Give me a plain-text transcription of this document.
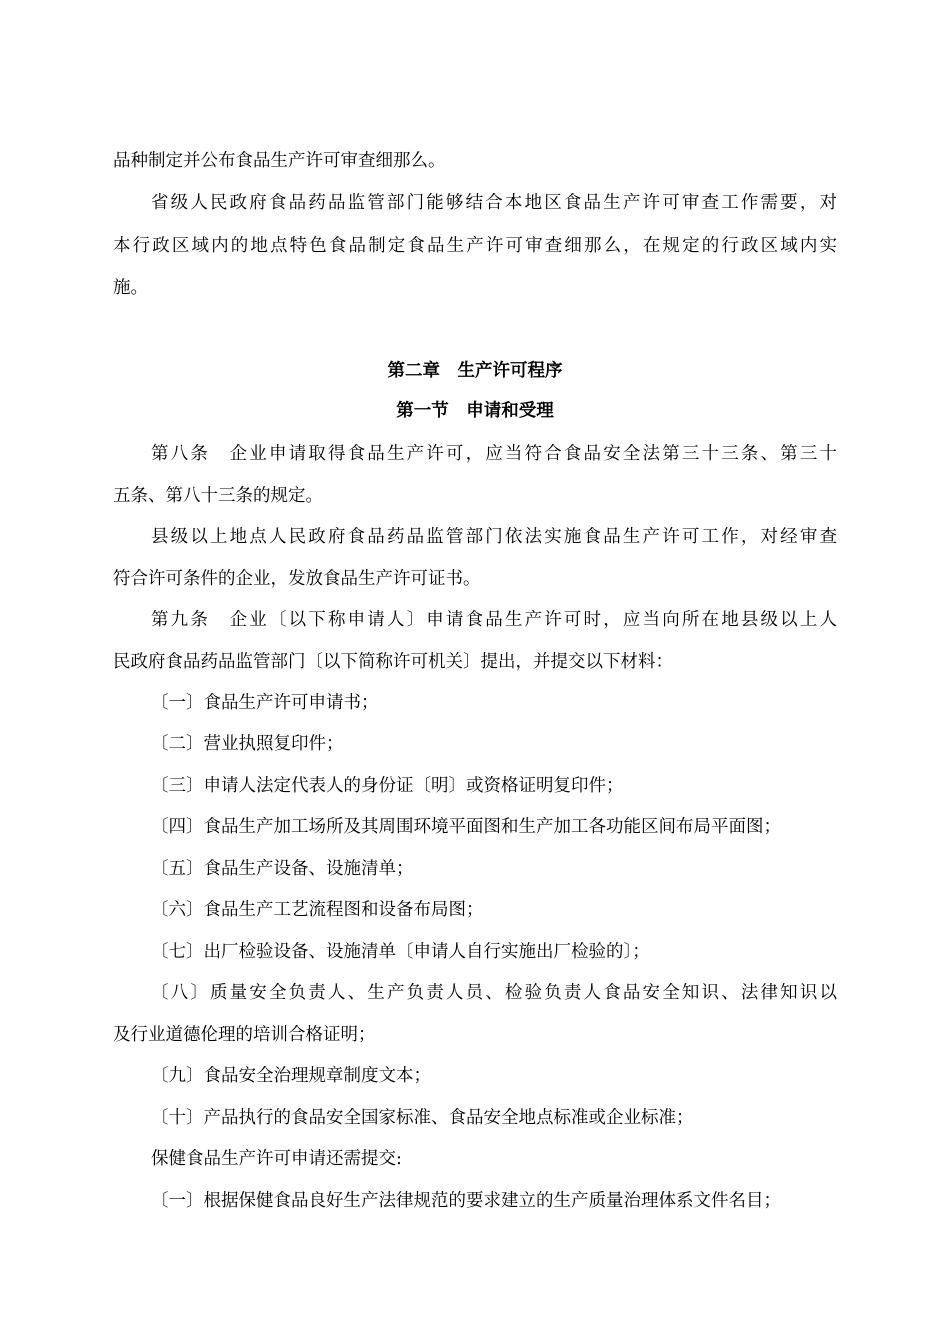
品种制定并公布食品生产许可审查细那么。
省级人民政府食品药品监管部门能够结合本地区食品生产许可审查工作需要，对
本行政区域内的地点特色食品制定食品生产许可审查细那么，在规定的行政区域内实
施。
第二章　生产许可程序
第一节　申请和受理
第八条　企业申请取得食品生产许可，应当符合食品安全法第三十三条、第三十
五条、第八十三条的规定。
县级以上地点人民政府食品药品监管部门依法实施食品生产许可工作，对经审查
符合许可条件的企业，发放食品生产许可证书。
第九条　企业〔以下称申请人〕申请食品生产许可时，应当向所在地县级以上人
民政府食品药品监管部门〔以下简称许可机关〕提出，并提交以下材料：
〔一〕食品生产许可申请书；
〔二〕营业执照复印件；
〔三〕申请人法定代表人的身份证〔明〕或资格证明复印件；
〔四〕食品生产加工场所及其周围环境平面图和生产加工各功能区间布局平面图；
〔五〕食品生产设备、设施清单；
〔六〕食品生产工艺流程图和设备布局图；
〔七〕出厂检验设备、设施清单〔申请人自行实施出厂检验的〕；
〔八〕质量安全负责人、生产负责人员、检验负责人食品安全知识、法律知识以
及行业道德伦理的培训合格证明；
〔九〕食品安全治理规章制度文本；
〔十〕产品执行的食品安全国家标准、食品安全地点标准或企业标准；
保健食品生产许可申请还需提交:
〔一〕根据保健食品良好生产法律规范的要求建立的生产质量治理体系文件名目；
